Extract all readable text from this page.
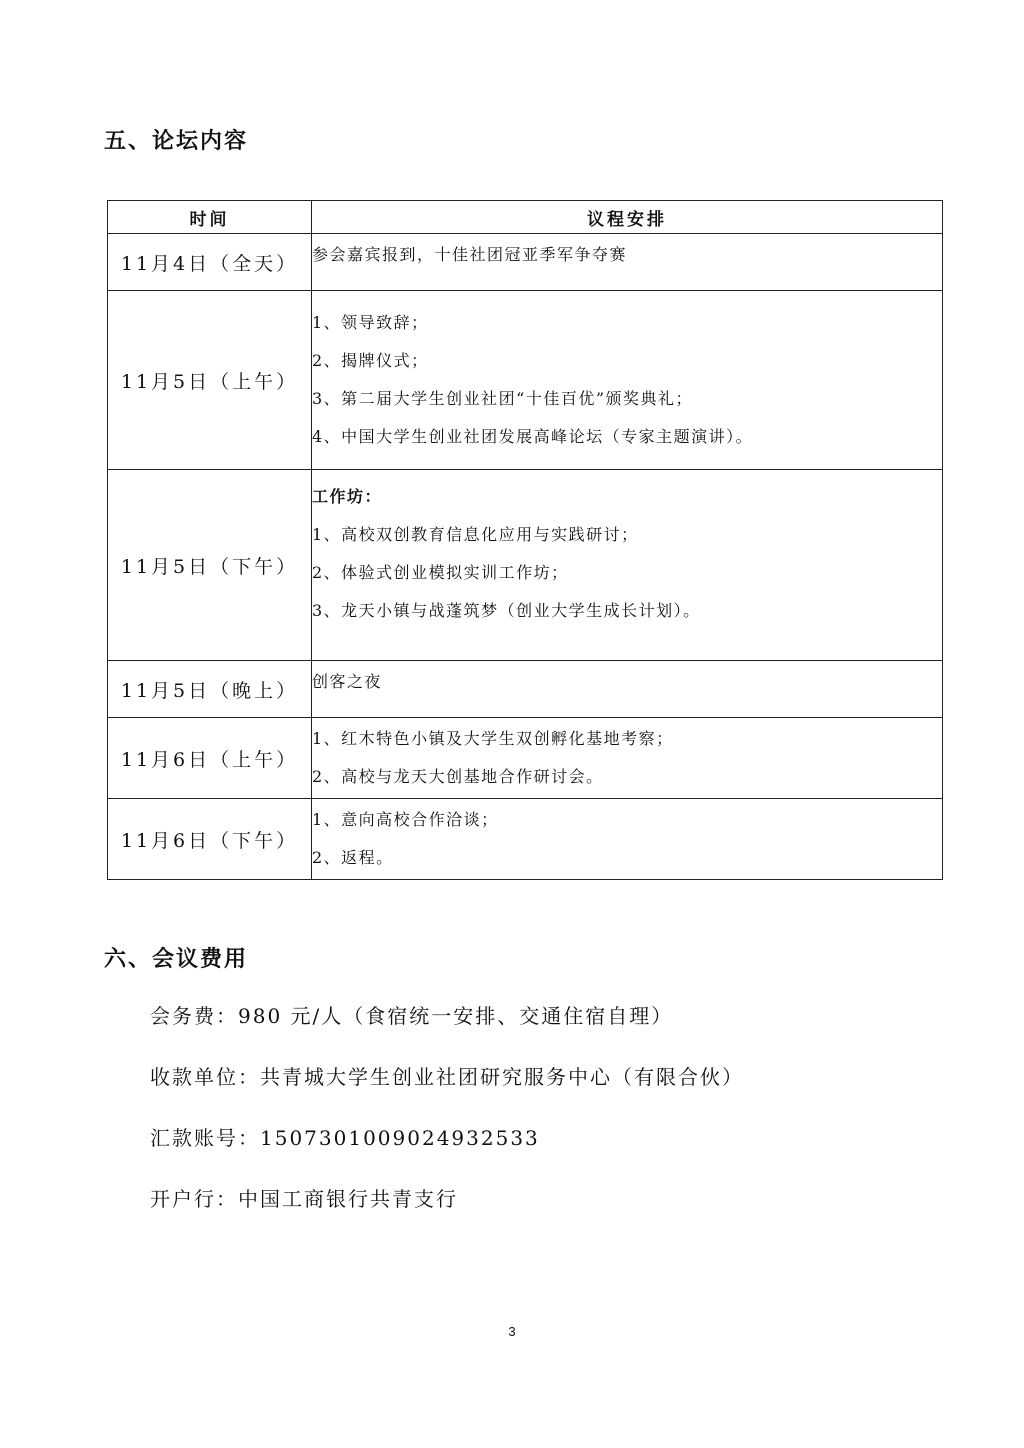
五、论坛内容
时间	议程安排
11月4日（全天）	参会嘉宾报到，十佳社团冠亚季军争夺赛

11月5日（上午）	1、领导致辞；
2、揭牌仪式；
3、第二届大学生创业社团“十佳百优”颁奖典礼；
4、中国大学生创业社团发展高峰论坛（专家主题演讲）。

11月5日（下午）	工作坊：
1、高校双创教育信息化应用与实践研讨；
2、体验式创业模拟实训工作坊；
3、龙天小镇与战蓬筑梦（创业大学生成长计划）。

11月5日（晚上）	创客之夜

11月6日（上午）	1、红木特色小镇及大学生双创孵化基地考察；
2、高校与龙天大创基地合作研讨会。

11月6日（下午）	1、意向高校合作洽谈；
2、返程。
六、会议费用
会务费：980 元/人（食宿统一安排、交通住宿自理）
收款单位：共青城大学生创业社团研究服务中心（有限合伙）
汇款账号：1507301009024932533
开户行：中国工商银行共青支行
3
